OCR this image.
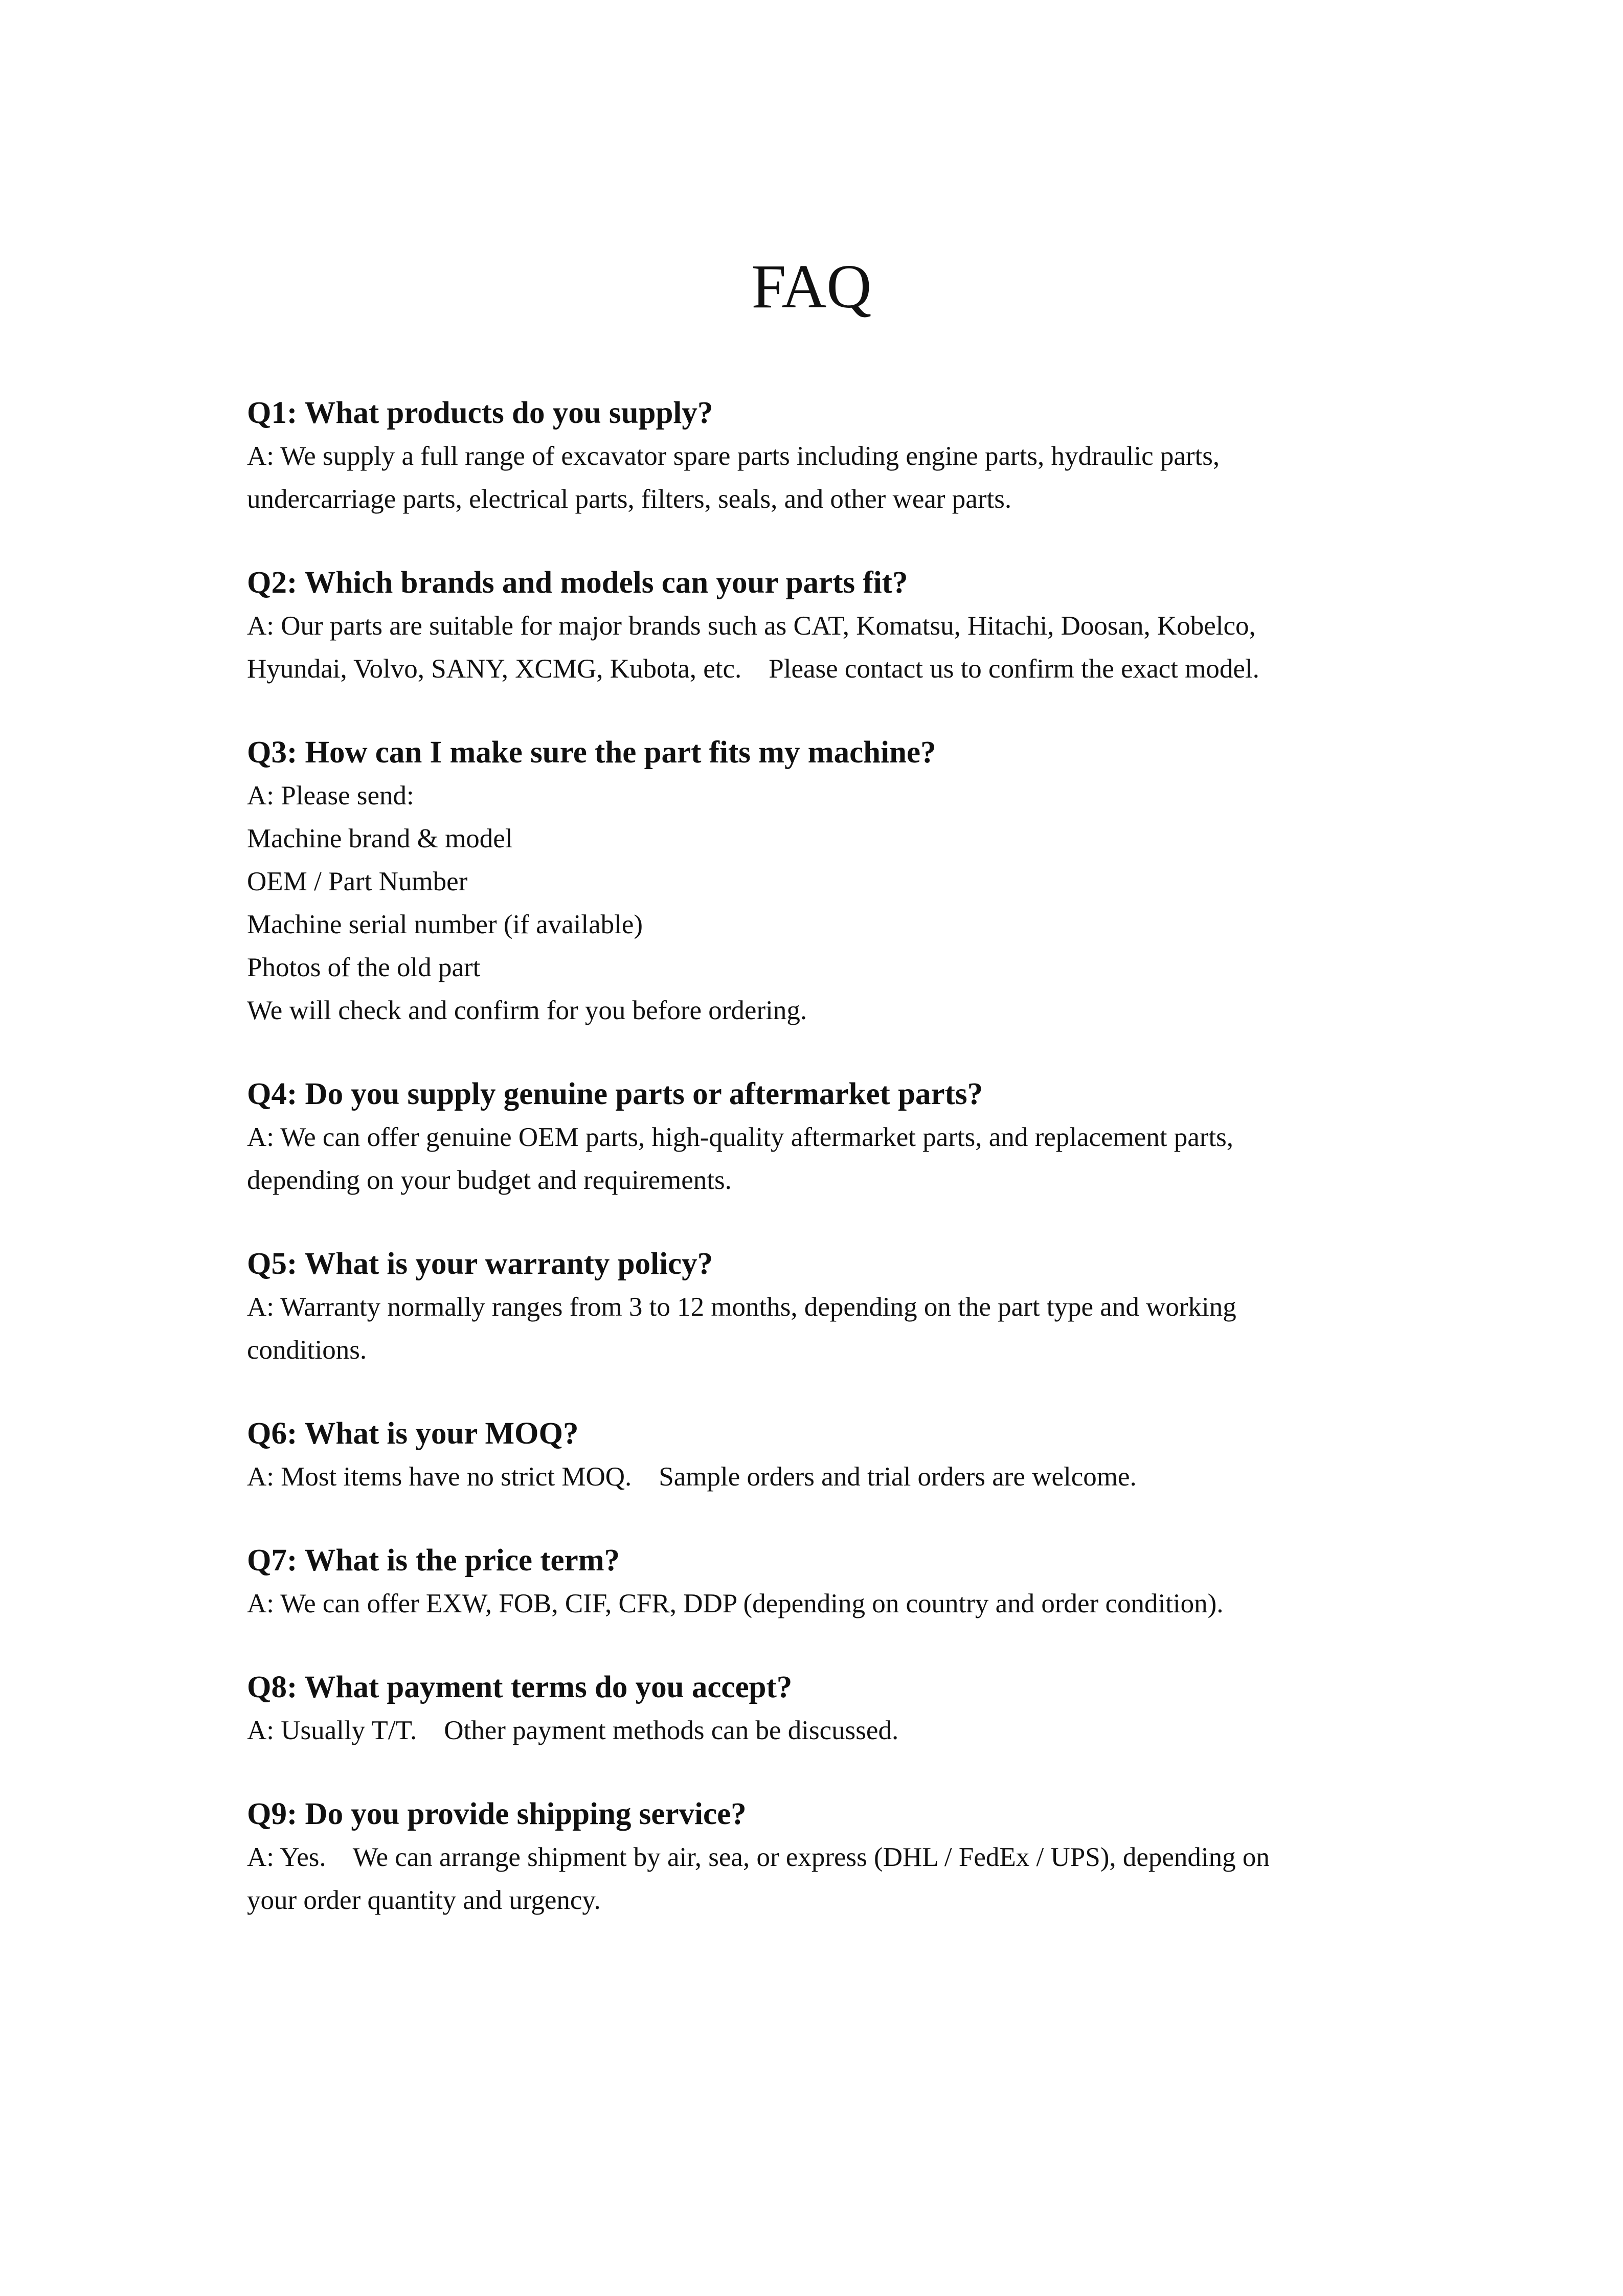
FAQ

Q1: What products do you supply?

A: We supply a full range of excavator spare parts including engine parts, hydraulic parts,

undercarriage parts, electrical parts, filters, seals, and other wear parts.

Q2: Which brands and models can your parts fit?

A: Our parts are suitable for major brands such as CAT, Komatsu, Hitachi, Doosan, Kobelco,

Hyundai, Volvo, SANY, XCMG, Kubota, etc.    Please contact us to confirm the exact model.

Q3: How can I make sure the part fits my machine?

A: Please send:

Machine brand & model

OEM / Part Number

Machine serial number (if available)

Photos of the old part

We will check and confirm for you before ordering.

Q4: Do you supply genuine parts or aftermarket parts?

A: We can offer genuine OEM parts, high-quality aftermarket parts, and replacement parts,

depending on your budget and requirements.

Q5: What is your warranty policy?

A: Warranty normally ranges from 3 to 12 months, depending on the part type and working

conditions.

Q6: What is your MOQ?

A: Most items have no strict MOQ.    Sample orders and trial orders are welcome.

Q7: What is the price term?

A: We can offer EXW, FOB, CIF, CFR, DDP (depending on country and order condition).

Q8: What payment terms do you accept?

A: Usually T/T.    Other payment methods can be discussed.

Q9: Do you provide shipping service?

A: Yes.    We can arrange shipment by air, sea, or express (DHL / FedEx / UPS), depending on

your order quantity and urgency.
